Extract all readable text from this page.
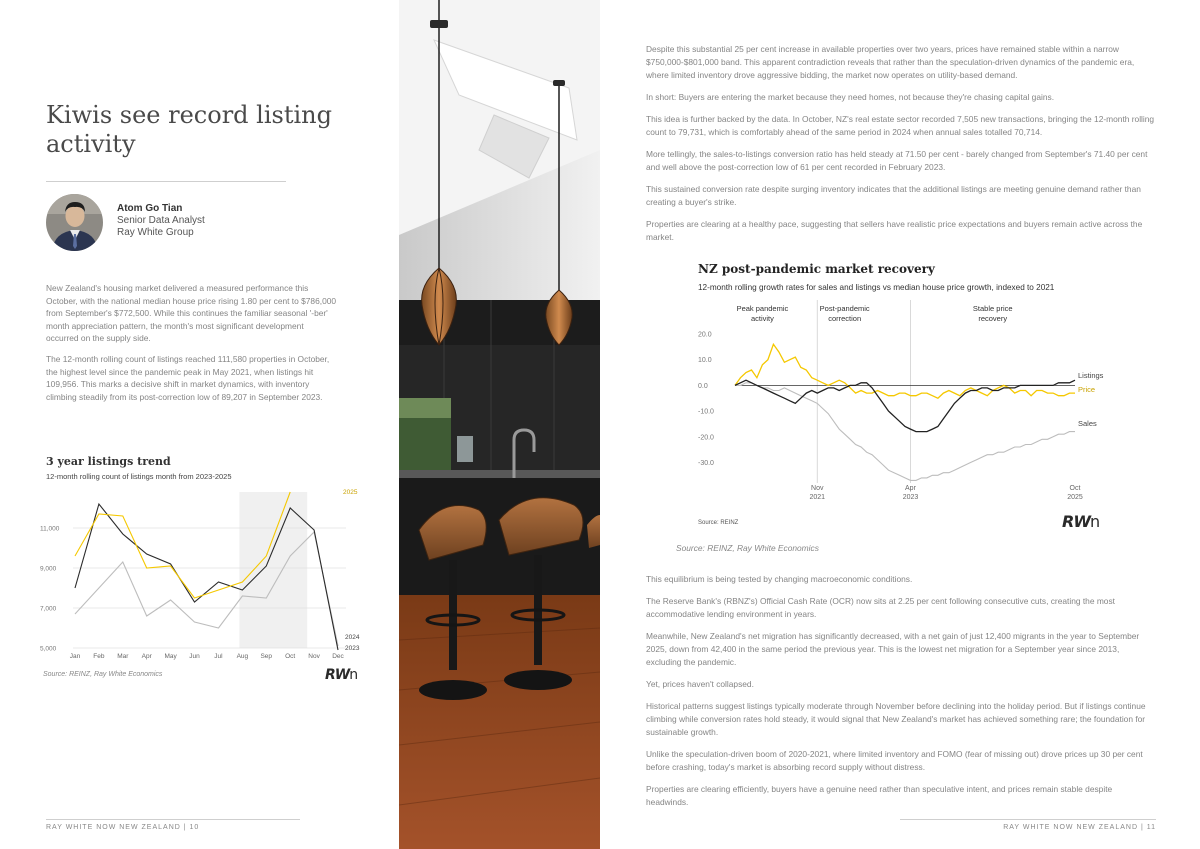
Kiwis see record listing activity
Atom Go Tian
Senior Data Analyst
Ray White Group

New Zealand's housing market delivered a measured performance this October, with the national median house price rising 1.80 per cent to $786,000 from September's $772,500. While this continues the familiar seasonal '-ber' month appreciation pattern, the month's most significant development occurred on the supply side.

The 12-month rolling count of listings reached 111,580 properties in October, the highest level since the pandemic peak in May 2021, when listings hit 109,956. This marks a decisive shift in market dynamics, with inventory climbing steadily from its post-correction low of 89,207 in September 2023.

3 year listings trend
12-month rolling count of listings month from 2023-2025
5,000
7,000
9,000
11,000
Jan Feb Mar Apr May Jun Jul Aug Sep Oct Nov Dec
2025
2024
2023
Source: REINZ, Ray White Economics	RWn
RAY WHITE NOW NEW ZEALAND | 10

Despite this substantial 25 per cent increase in available properties over two years, prices have remained stable within a narrow $750,000-$801,000 band. This apparent contradiction reveals that rather than the speculation-driven dynamics of the pandemic era, where limited inventory drove aggressive bidding, the market now operates on utility-based demand.

In short: Buyers are entering the market because they need homes, not because they're chasing capital gains.

This idea is further backed by the data. In October, NZ's real estate sector recorded 7,505 new transactions, bringing the 12-month rolling count to 79,731, which is comfortably ahead of the same period in 2024 when annual sales totalled 70,714.

More tellingly, the sales-to-listings conversion ratio has held steady at 71.50 per cent - barely changed from September's 71.40 per cent and well above the post-correction low of 61 per cent recorded in February 2023.

This sustained conversion rate despite surging inventory indicates that the additional listings are meeting genuine demand rather than creating a buyer's strike.

Properties are clearing at a healthy pace, suggesting that sellers have realistic price expectations and buyers remain active across the market.

NZ post-pandemic market recovery
12-month rolling growth rates for sales and listings vs median house price growth, indexed to 2021
Peak pandemic
activity
Post-pandemic
correction
Stable price
recovery
20.0
10.0
0.0
-10.0
-20.0
-30.0
Nov
2021
Apr
2023
Oct
2025
Listings
Price
Sales
Source: REINZ	RWn
Source: REINZ, Ray White Economics

This equilibrium is being tested by changing macroeconomic conditions.

The Reserve Bank's (RBNZ's) Official Cash Rate (OCR) now sits at 2.25 per cent following consecutive cuts, creating the most accommodative lending environment in years.

Meanwhile, New Zealand's net migration has significantly decreased, with a net gain of just 12,400 migrants in the year to September 2025, down from 42,400 in the same period the previous year. This is the lowest net migration for a September year since 2013, excluding the pandemic.

Yet, prices haven't collapsed.

Historical patterns suggest listings typically moderate through November before declining into the holiday period. But if listings continue climbing while conversion rates hold steady, it would signal that New Zealand's market has achieved something rare; the foundation for sustainable growth.

Unlike the speculation-driven boom of 2020-2021, where limited inventory and FOMO (fear of missing out) drove prices up 30 per cent before crashing, today's market is absorbing record supply without distress.

Properties are clearing efficiently, buyers have a genuine need rather than speculative intent, and prices remain stable despite headwinds.

RAY WHITE NOW NEW ZEALAND | 11
